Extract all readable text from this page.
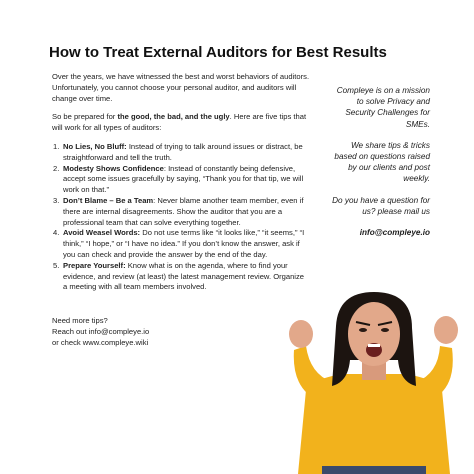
How to Treat External Auditors for Best Results

Over the years, we have witnessed the best and worst behaviors of auditors. Unfortunately, you cannot choose your personal auditor, and auditors will change over time.

So be prepared for the good, the bad, and the ugly. Here are five tips that will work for all types of auditors:

No Lies, No Bluff: Instead of trying to talk around issues or distract, be straightforward and tell the truth.
Modesty Shows Confidence: Instead of constantly being defensive, accept some issues gracefully by saying, “Thank you for that tip, we will work on that.”
Don’t Blame – Be a Team: Never blame another team member, even if there are internal disagreements. Show the auditor that you are a professional team that can solve everything together.
Avoid Weasel Words: Do not use terms like “it looks like,” “it seems,” “I think,” “I hope,” or “I have no idea.” If you don’t know the answer, ask if you can check and provide the answer by the end of the day.
Prepare Yourself: Know what is on the agenda, where to find your evidence, and review (at least) the latest management review. Organize a meeting with all team members involved.
Need more tips?
Reach out info@compleye.io
or check www.compleye.wiki

Compleye is on a mission to solve Privacy and Security Challenges for SMEs.

We share tips & tricks based on questions raised by our clients and post weekly.

Do you have a question for us? please mail us

info@compleye.io
